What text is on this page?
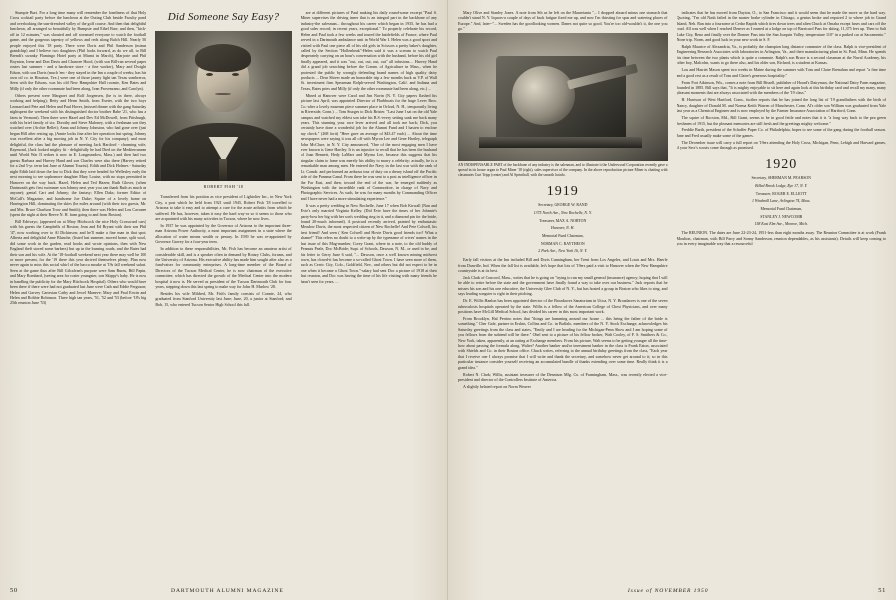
Stumpie Burt. For a long time many will remember the loneliness of that Holy Cross cocktail party before the luncheon at the Outing Club beside Faculty pond and overlooking the sun-drenched valley of the golf course. And then that delightful luncheon, all arranged so beautifully by Bumpsie and Ethel Barr; and then, "kick-off in 12 minutes," was shouted and off streamed everyone to watch the football game, and the gorgeous tapestry of yellows and reds along Balch Hill. Nearly 50 people enjoyed this '18 party. There were Doris and Phil Sanderson (minus grandchip) and I believe two daughters (Phil looks forward, as do we all, to Bill Brendt's swanky Flamingo Hotel party at Miami in March), Marjorie and Phil Boynton, Irene and Don Davis and Chancee Hood, (with son Bill-ran several paper routes last summer - and a hardware store - a fine worker), Mary and Dwight Edson, with son Davis (much 'em - they stayed in the Inn a couple of weeks; has his own oil co. in Houston, Tex.) were one of those jaunty light tan Texas sombreros, Seen with the Edsons, was his old New Hampshire Hall roomie, Ken Bates and Milly (if only the other roommate had been along, Ivan Provenzano, and Carolyn).

Others present were Margaret and Rolf Jorgensen, (he is in there, always working and helping); Betty and Herm Smith, from Exeter, with the two boys Leonard and Pete and Helen and Paul Hover, (missed dinner with the gang Saturday nightspent the weekend with his distinguished doctor brother Babe '21, who has a farm in Vermont). Then there were Hazel and Dev Ed McDowell, from Pittsburgh, with his brief family of six; Dorothy and Steve Maloney, with a freshman son they watched over (Archie Bellet); Anna and Johnny Johnston, who had gone over (just began Hill after resting up, (Annie looks fine after her operation last spring. Johnny was excellent after a big moving job in N. Y. City for his company); and most delightful, the class had the pleasure of meeting Jack Hartford - charming wife, Raymond, (Jack looked mighty fit - delightfully he had Died on the Mediterranean until World War II redoes it now in E. Longmeadow, Mass.) and then had two guests Barbara and Harvey Hand and son Charles were also there (Harvey retired for a 2nd 5-yr. term last June at Alumni Tourist). Edith and Dick Holmes - Saturday night Edith laid down the law to Dick that they were headed for Wellesley early the next morning to see sophomore daughter Mary Louise, with no stops permitted in Hanover on the way back. Hazel, Helen and Ted Hazen; Ruth Glover, (when Dartmouth gets first swimmer son Johnny next year you can thank Ruth as much as anyone); genial Cart and Johnny; the fantasy; Ellen Daks; former Editor of McCall's Magazine, and handsome Joe Duke; Squire of a lovely home on Harrington Hill, dominating the skies (he miles around (with their two guests, Mr. and Mrs. Bruce Charlson Trow and Smith); then there was Helen and Lou Cavanee (spent the night at their Reeve N. H. farm going to and from Boston).

Bill Edrivayo, (appeared on at Mary Hitchcock the nice Holy Crossward cars) with his guests the Campbells of Boston; Jean and Ed Bryant with their son Phil '47, now working over to Al Dickinson; and he'll make a fine man in that spot; Alberta and delightful Anne Blanche, (listed last summer, moved home, split wool, did some work in the garden, read books and wrote opinions, then with New England theft stored some barbers) but up in the burning roads; and the Bates had their son and his wife. At the '18-football weekend next year there may well be 100 or more present, for the '19 there this year shrived themselves plenty. Plan now never again to miss this social whirl of the bacca mouke at '19s fall weekend safari. Seen at the game thus after Bill Gilcalvan's purpose were Sam Burns, Bill Papin, and Mary Bombard, (seeing area for roster youngster, son Skippy's baby. He is now in handling the publicity for the Mary Hitchcock Hospital). Others who would have been there if there were had not graduated last June were Cath and Eddie Ferguson; Helen and Garvey Cartesian Cathy and Jewel Maneve; Mary and Paul Erwin and Helen and Robbie Robinson. Three high tan years, '51, '52 and '53 (before '18's big 25th reunion June '53)

Did Someone Say Easy?
ROBERT FISH '18

Transferred from his position as vice president of Lightolier Inc., in New York City, a post which he held from 1921 until 1945, Robert Fish '18 travelled to Arizona to take it easy and to attempt a cure for the acute arthritis from which he suffered. He has, however, taken it easy the hard way-or so it seems to those who are acquainted with his many activities in Tucson, where he now lives.

In 1937 he was appointed by the Governor of Arizona to the important three-man Arizona Power Authority, a most important assignment in a state where the allocation of water means wealth or penury. In 1939 he was re-appointed by Governor Garvey for a four-year term.

In addition to these responsibilities, Mr. Fish has become an amateur artist of considerable skill, and is a speaker often in demand by Rotary Clubs, forums, and the University of Arizona. His executive ability has made him sought after also as a fund-raiser for community enterprises. A long-time member of the Board of Directors of the Tucson Medical Center, he is now chairman of the executive committee, which has directed the growth of the Medical Center into the modern hospital it now is. He served as president of the Tucson Dartmouth Club for four years, stepping down this last spring to make way for John H. Marlow '28.

Besides his wife Mildred, Mr. Fish's family consists of Connie, 24, who graduated from Stanford University last June; June, 20, a junior at Stanford; and Bob, 15, who entered Tucson Senior High School this fall.

are at different pictures of Paul making his daily round-some excerpt "Paul S. Miner supervises the driving inner that is an integral part in the backbone of any industry-the salesman... throughout his career which began in 1935, he has had a good sales record; in recent years, exceptional." To properly celebrate his record, Helen and Paul took a few weeks and toured the battlefields of France, where Paul served in a Dartmouth ambulance unit in World War I. Helen was a good sport and visited with Paul one piece all of his old girls in Scissors a pretty baker's daughter, called by the Section "Hollenbeak"-Helen said it was a scream to watch Paul desperately carrying on an hour's conversation with the husband, before his old girl finally appeared, and it was "out, out, out, out, out" all infusions.... Harvey Hand did a grand job searching before the Comm. of Agriculture in Mass., when he protested the public by wrongly defending brand names of high quality dairy products ... Dear Shiver made an honorable trip a few months back as V.P. of Wall St. investment firm Spearman Rolph-served Washington, Calif. and Indiana and Texas, Bates pries and Milly (if only the other roommate had been along, etc.) ...

Mined at Hanover were Carol and Jim Navin (N. Y. City papers flashed his picture last April; was appointed Director of Plarbboats for the huge Lever Bros. Co.-after a lovely museum piece summer place in Orford, N. H., temporarily living in Riverside, Conn.) ... Tom Sturges to Dick Brister. "Last June I sat on the old Yale campus and watched my eldest son take his B.S.-every setting sank me back many years. This stunning your race lever arrived and all took me back; Dick, you certainly have done a wonderful job for the Alumni Fund and I hasten to enclose my check." (268 forit) "Here gave an average of $43.47 each) ... About the time newspapers were saying it was all off with Myron Lee and Gene Hartley, telegraph John McClure, in N. Y. City announced, "One of the most engaging men I have ever known is Gene Hartley. It is an injustice to recall that he has been the husband of Joan Bennett, Hedy LaMarr and Myrna Lee, because this suggests that his singular claim to fame was merely his ability to marry a celebrity; actually, he is a remarkable man among men. He entered the Navy in the last war with the rank of Lt. Comdr. and performed an arduous tour of duty on a dreary island off the Pacific side of the Panama Canal. From there he was sent to a post as intelligence officer in the Far East, and then, toward the end of the war, he emerged suddenly as Washington with the incredible rank of Commodore, in charge of Navy and Photographic Services. As such, he was for many months by Commanding Officer and I have never had a more stimulating experience."

It was a pretty wedding in New Rochelle, June 17 when Bob Kirwall (Nan and Evie's only married Virginia Kelley. (Did Evie have the times of her Johnnie's party-how her big with her son's wedding ring in it, and a diamond pin for the bride, found 20-much informed). A postcard recently arrived, painted by enthusiastic Meadow Davis, the most respected citizen of New Rochelle! And Pete Colwell, his best friend! And seen ( Ken Colwell and Hovie Davis good friends too? What a shame!" This refers no doubt to a write-up by the typename of wives' names in the last issue of this Mag-number, Corey Grant, where in a note, to the old buddy of Peanuts Peale, Doc McBride; Supt. of Schools, Dawson, N. M., or used to be, and his letter to Gerry June 6 said, "... Dawson, once a well known mining midwest town, has closed-it has become a so-called Ghost Town. I have seen more of them, such as Cerric City, Colo., Goldfield, Nev., and others but did not expect to be in one when it became a Ghost Town."-salary had sent Doc a picture of 1918 at their last reunion, and Doc was having the time of his life visiting with many friends he hasn't seen for years. ...

50	DARTMOUTH ALUMNI MAGAZINE

Mary Olive and Stanley Jones. A note from Sth as he left on the Mauretania "... I dropped aboard minus one stomach that couldn't stand N. Y. liquors-a couple of days of back fatigue fixed me up, and now I'm thirsting for spas and watering places of Europe." And, later--"... Sweden has the goodlooking women. Danes not quite so good. You're too old-wouldn't it, the one you go."

AN INDISPENSABLE PART of the backbone of any industry is the salesman, and to illustrate it the Underwood Corporation recently gave a spread in its house organ to Paul Miner '18 (right), sales supervisor of the company. In the above reproduction picture Miner is chatting with classmates Curt Tripp (center) and Al Sprinthall, with the smooth hairdo.
1919
Secretary, GEORGE W. RAND
1375 North Ave., New Rochelle, N. Y.
Treasurer, MAX A. NORTON
Hanover, N. H.
Memorial Fund Chairman,
NORMAN C. RAYTHEON
2 Park Ave., New York 16, N. Y.

Early fall visitors at the Inn included Bill and Doris Cunningham, her Trent from Los Angeles, and Louis and Mrs. Haerle from Danville, Ind. When the fall list is available, let's hope that lots of '19ers paid a visit to Hanover when the New Hampshire countryside is at its best.

Jack Clark of Concord, Mass., writes that he is going on "trying to run my small general (insurance) agency; hoping that I will be able to retire before the state and the government have finally found a way to take over our business." Jack reports that he misses his son and his one educative, the University Glee Club of N. Y., but has hosted a group in Boston who likes to sing, and says leading songster is right in their pitching.

Dr. E. Willis Hanlon has been appointed director of the Broadacres Sanatorium in Utica, N. Y. Broadacres is one of the seven tuberculosis hospitals operated by the state. Willis is a fellow of the American College of Chest Physicians, and over many positions have McGill Medical School, has divided his career in this most important work.

From Brooklyn, Hal Perrino notes that "things are humming around our house ... this being the father of the bride is something." Cher Gale, partner in Erskin, Collins and Co. in Buffalo, members of the N. Y. Stock Exchange, acknowledges his Saturday greetings from the class and states, "Emily and I are heading for the Michigan-Penn Show and I am hoping some of you fellows from the subtend will be there." Ohel sent to a picture of his fellow broker, Walt Cooley, of F. S. Smithers & Co., New York, taken, apparently, at an outing at Exchange members. From his picture, Walt seems to be getting younger all the time-how about passing the formula along, Walter? Another banker and/or investment banker in the class is Frank Eaton, associated with Shields and Co. in their Boston office. Chuck writes, referring to the annual birthday greetings from the class, "Each year that I receive one I always promise that I will write and thank the secretary, and somehow never get around to it; so in this particular instance consider yourself receiving an accumulated bundle of thanks extending over some time. Really think it is a grand idea."

Robert N. Clark; Willis, assistant treasurer of the Dennison Mfg. Co. of Framingham, Mass., was recently elected a vice-president and director of the Controllers Institute of America.

A slightly belated report on Norm Weaver

indicates that he has moved from Dayton, O., to San Francisco and it would seem that he made the move as the hard way. Quoting, "I'm old Nash failed in the master brake cylinder in Chicago, a genius broke and required 2 to where job in Grand Island, Neb. Ran into a foursome at Cedar Rapids which tires down trees and alien Chuck at Omaha except fuses and cars off the road. All was well when I reached Denver as I earned at a lodge on top of Barricurd Pass for skiing, 11,375 feet up. Then to Salt Lake City, Reno and finally over the Donner Pass into the San Joaquin Valley, temperature 110° in a parked car at Sacramento." None trip. Norm, and good luck in your new work in S. F.

Ralph Maurice of Alexandria, Va., is probably the champion long distance commuter of the class. Ralph is vice-president of Engineering Research Associates with laboratories in Arlington, Va., and their manufacturing plant in St. Paul, Minn. He spends his time between the two plants which is quite a commute. Ralph's son Bruce is a second classman at the Naval Academy, his other boy, Malcolm, wants to go there also, and his older son, Richard, is a student at Kansas.

Lou and Harriet Mason spent two weeks in Maine during the summer with Tom and Claire Brenahan and report "a fine time and a good rest as a result of Tom and Claire's generous hospitality."

From Fort Atkinson, Wis., comes a note from Bill Bissell, publisher of Hoard's Dairyman, the National Dairy Farm magazine, founded in 1885. Bill says that, "It is mighty enjoyable to sit here and again look at this birthday card and recall my many, many pleasant moments that are always associated with the members of the '19 class."

H. Harrison of West Hartford, Conn., further reports that he has joined the long list of '19 grandfathers with the birth of Nancy, daughter of Donald M. and Norma Keith Warren of Manchester, Conn. Al's older son William was graduated from Yale last year as a Chemical Engineer and is now employed by the Farmer Insurance Association of Hartford, Conn.

The squire of Rocston, Md., Bill Grant, seems to be in good fettle and notes that it is "a long way back to the pea green freshmen of 1915, but the pleasant memories are still fresh and the greetings mighty welcome."

Freddie Barth, president of the Schaffer Paper Co. of Philadelphia, hopes to see some of the gang during the football season. Jane and Fred usually make some of the games.

The December issue will carry a full report on '19ers attending the Holy Cross, Michigan, Penn, Lehigh and Harvard games, if your Secr's scouts come through as promised.

1920
Secretary, SHERMAN M. PEARSON
Billed Brook Lodge, Rye 17, N. Y.
Treasurer, ROGER E. ELLIOTT
1 Windmill Lane, Arlington 74, Mass.
Memorial Fund Chairman,
STANLEY J. NEWCOMB
158 East Elm Ave., Monroe, Mich.

The REUNION. The dates are June 22-23-24, 1951-less than eight months away. The Reunion Committee is at work (Frank Moulton, chairman, with Bill Parry and Sonny Sanderson, reunion dependables, as his assistants). Details will keep coming to you in every imaginable way that a resourceful

Issue of NOVEMBER 1950	51
